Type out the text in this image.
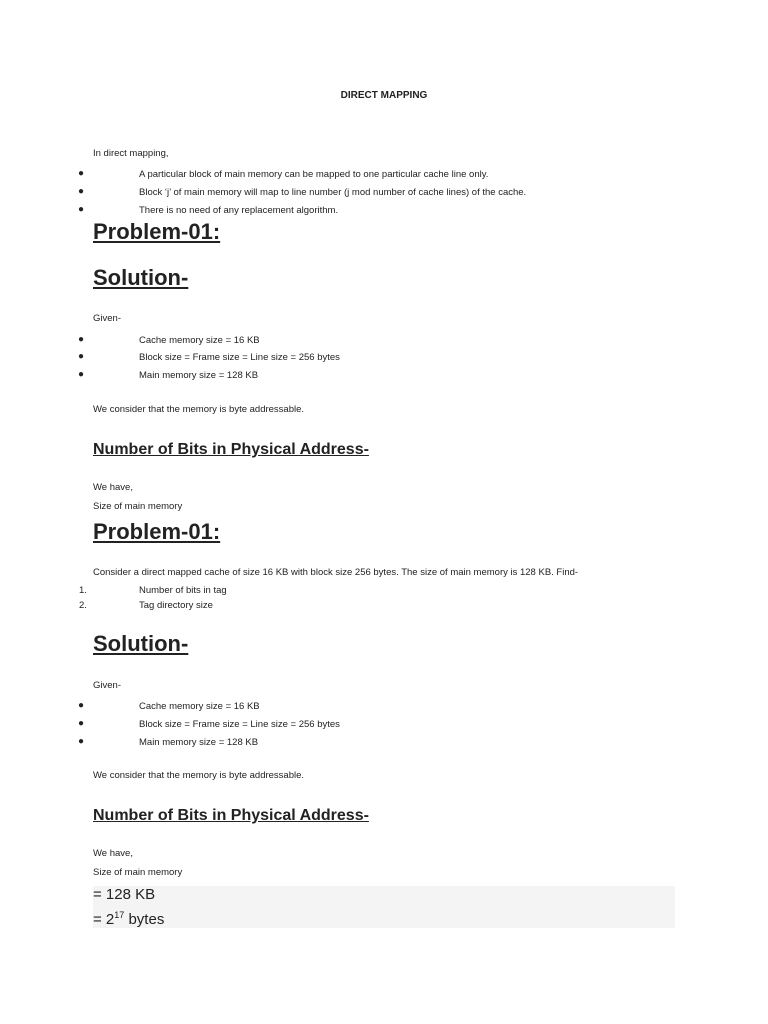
DIRECT MAPPING
In direct mapping,
●	A particular block of main memory can be mapped to one particular cache line only.
●	Block ‘j’ of main memory will map to line number (j mod number of cache lines) of the cache.
●	There is no need of any replacement algorithm.
Problem-01:
Solution-
Given-
●	Cache memory size = 16 KB
●	Block size = Frame size = Line size = 256 bytes
●	Main memory size = 128 KB
We consider that the memory is byte addressable.
Number of Bits in Physical Address-
We have,
Size of main memory
Problem-01:
Consider a direct mapped cache of size 16 KB with block size 256 bytes. The size of main memory is 128 KB. Find-
1.	Number of bits in tag
2.	Tag directory size
Solution-
Given-
●	Cache memory size = 16 KB
●	Block size = Frame size = Line size = 256 bytes
●	Main memory size = 128 KB
We consider that the memory is byte addressable.
Number of Bits in Physical Address-
We have,
Size of main memory
= 128 KB
= $2^{17}$ bytes
